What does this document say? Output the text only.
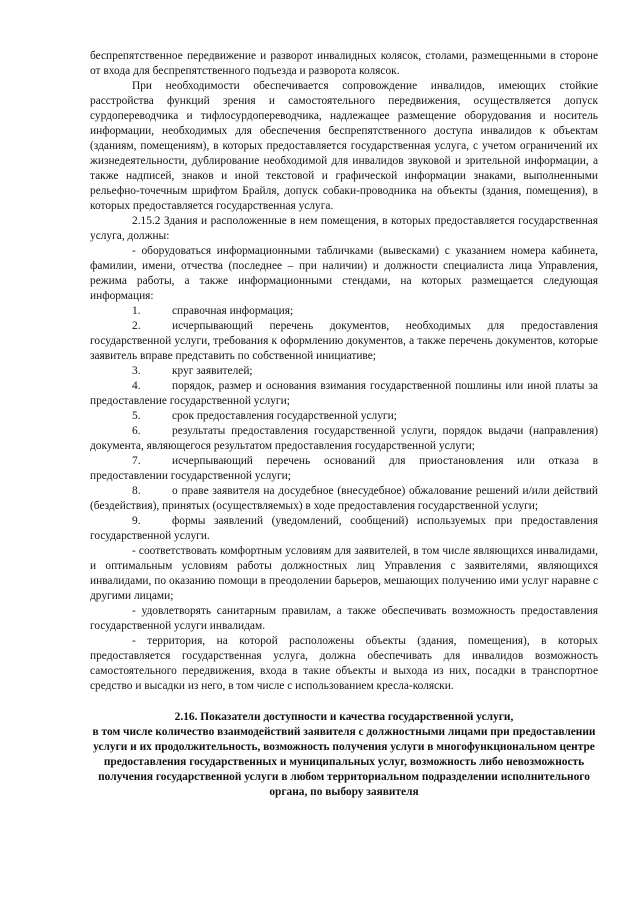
беспрепятственное передвижение и разворот инвалидных колясок, столами, размещенными в стороне от входа для беспрепятственного подъезда и разворота колясок.

При необходимости обеспечивается сопровождение инвалидов, имеющих стойкие расстройства функций зрения и самостоятельного передвижения, осуществляется допуск сурдопереводчика и тифлосурдопереводчика, надлежащее размещение оборудования и носитель информации, необходимых для обеспечения беспрепятственного доступа инвалидов к объектам (зданиям, помещениям), в которых предоставляется государственная услуга, с учетом ограничений их жизнедеятельности, дублирование необходимой для инвалидов звуковой и зрительной информации, а также надписей, знаков и иной текстовой и графической информации знаками, выполненными рельефно-точечным шрифтом Брайля, допуск собаки-проводника на объекты (здания, помещения), в которых предоставляется государственная услуга.

2.15.2 Здания и расположенные в нем помещения, в которых предоставляется государственная услуга, должны:

- оборудоваться информационными табличками (вывесками) с указанием номера кабинета, фамилии, имени, отчества (последнее – при наличии) и должности специалиста лица Управления, режима работы, а также информационными стендами, на которых размещается следующая информация:

1.	справочная информация;

2.	исчерпывающий перечень документов, необходимых для предоставления государственной услуги, требования к оформлению документов, а также перечень документов, которые заявитель вправе представить по собственной инициативе;

3.	круг заявителей;

4.	порядок, размер и основания взимания государственной пошлины или иной платы за предоставление государственной услуги;

5.	срок предоставления государственной услуги;

6.	результаты предоставления государственной услуги, порядок выдачи (направления) документа, являющегося результатом предоставления государственной услуги;

7.	исчерпывающий перечень оснований для приостановления или отказа в предоставлении государственной услуги;

8.	о праве заявителя на досудебное (внесудебное) обжалование решений и/или действий (бездействия), принятых (осуществляемых) в ходе предоставления государственной услуги;

9.	формы заявлений (уведомлений, сообщений) используемых при предоставления государственной услуги.

- соответствовать комфортным условиям для заявителей, в том числе являющихся инвалидами, и оптимальным условиям работы должностных лиц Управления с заявителями, являющихся инвалидами, по оказанию помощи в преодолении барьеров, мешающих получению ими услуг наравне с другими лицами;

- удовлетворять санитарным правилам, а также обеспечивать возможность предоставления государственной услуги инвалидам.

- территория, на которой расположены объекты (здания, помещения), в которых предоставляется государственная услуга, должна обеспечивать для инвалидов возможность самостоятельного передвижения, входа в такие объекты и выхода из них, посадки в транспортное средство и высадки из него, в том числе с использованием кресла-коляски.

2.16. Показатели доступности и качества государственной услуги,
в том числе количество взаимодействий заявителя с должностными лицами при предоставлении услуги и их продолжительность, возможность получения услуги в многофункциональном центре предоставления государственных и муниципальных услуг, возможность либо невозможность получения государственной услуги в любом территориальном подразделении исполнительного органа, по выбору заявителя
